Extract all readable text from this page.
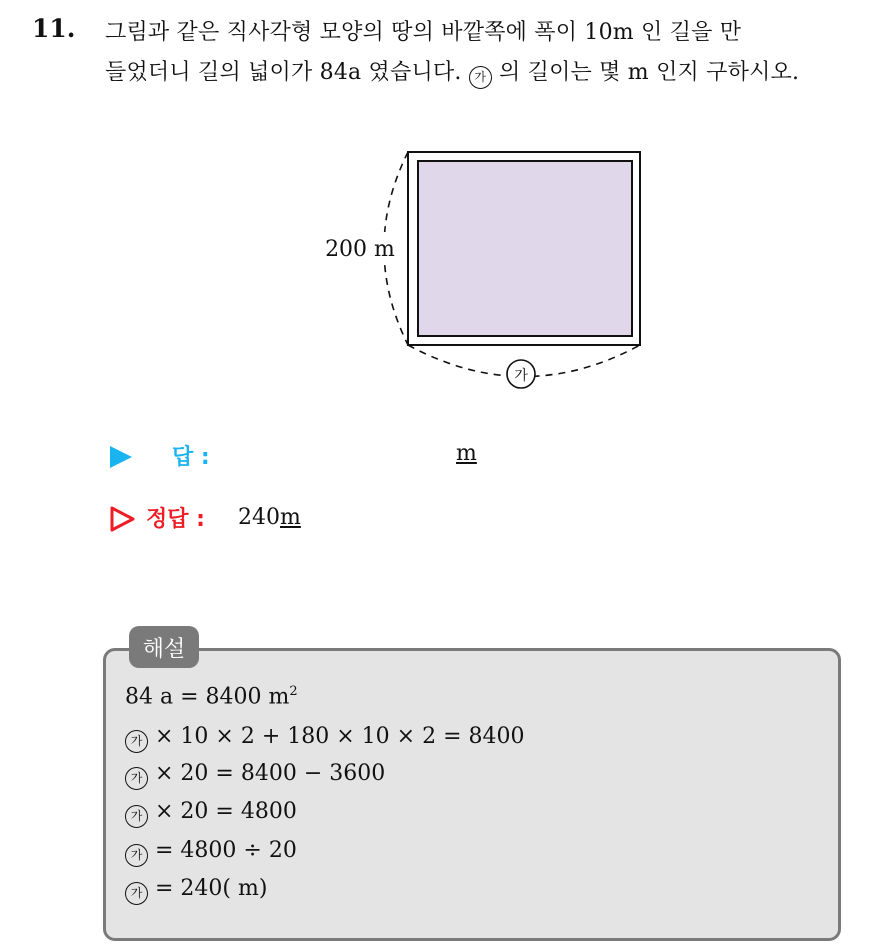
11. 그림과 같은 직사각형 모양의 땅의 바깥쪽에 폭이 10m 인 길을 만
들었더니 길의 넓이가 84a 였습니다. 가 의 길이는 몇 m 인지 구하시오.
200 m
가
답 :	m
정답 : 240m
해설
84 a = 8400 $m^2$
가 × 10 × 2 + 180 × 10 × 2 = 8400
가 × 20 = 8400 − 3600
가 × 20 = 4800
가 = 4800 ÷ 20
가 = 240( m)
